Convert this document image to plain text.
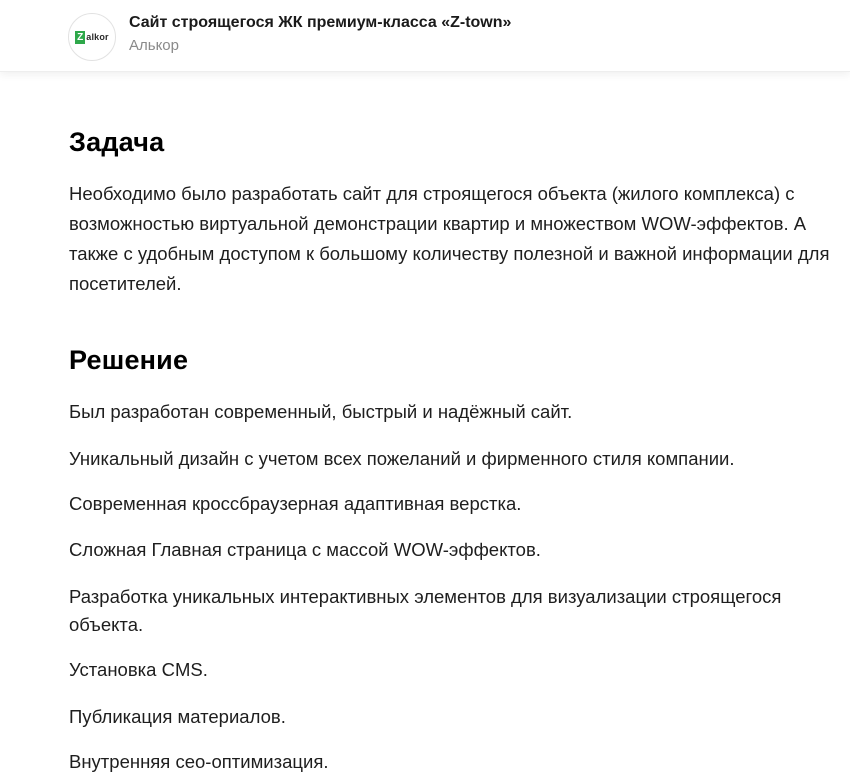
Z alkor
Сайт строящегося ЖК премиум-класса «Z-town»
Алькор
Задача

Необходимо было разработать сайт для строящегося объекта (жилого комплекса) с возможностью виртуальной демонстрации квартир и множеством WOW-эффектов. А также с удобным доступом к большому количеству полезной и важной информации для посетителей.

Решение

Был разработан современный, быстрый и надёжный сайт.

Уникальный дизайн с учетом всех пожеланий и фирменного стиля компании.

Современная кроссбраузерная адаптивная верстка.

Сложная Главная страница с массой WOW-эффектов.

Разработка уникальных интерактивных элементов для визуализации строящегося объекта.

Установка CMS.

Публикация материалов.

Внутренняя сео-оптимизация.
